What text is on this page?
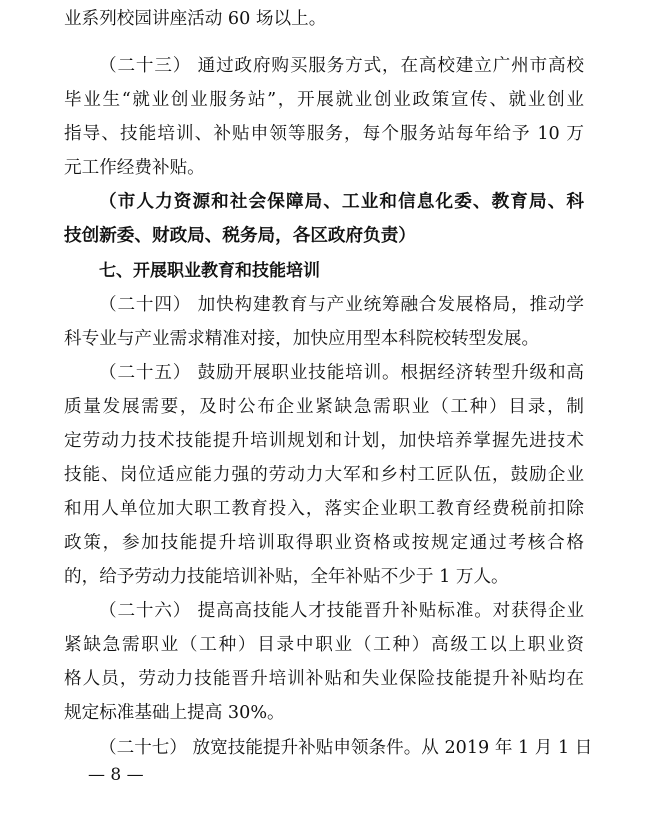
业系列校园讲座活动 60 场以上。
（二十三） 通过政府购买服务方式，在高校建立广州市高校
毕业生“就业创业服务站”，开展就业创业政策宣传、就业创业
指导、技能培训、补贴申领等服务，每个服务站每年给予 10 万
元工作经费补贴。
（市人力资源和社会保障局、工业和信息化委、教育局、科
技创新委、财政局、税务局，各区政府负责）
七、开展职业教育和技能培训
（二十四） 加快构建教育与产业统筹融合发展格局，推动学
科专业与产业需求精准对接，加快应用型本科院校转型发展。
（二十五） 鼓励开展职业技能培训。根据经济转型升级和高
质量发展需要，及时公布企业紧缺急需职业（工种）目录，制
定劳动力技术技能提升培训规划和计划，加快培养掌握先进技术
技能、岗位适应能力强的劳动力大军和乡村工匠队伍，鼓励企业
和用人单位加大职工教育投入，落实企业职工教育经费税前扣除
政策，参加技能提升培训取得职业资格或按规定通过考核合格
的，给予劳动力技能培训补贴，全年补贴不少于 1 万人。
（二十六） 提高高技能人才技能晋升补贴标准。对获得企业
紧缺急需职业（工种）目录中职业（工种）高级工以上职业资
格人员，劳动力技能晋升培训补贴和失业保险技能提升补贴均在
规定标准基础上提高 30%。
（二十七） 放宽技能提升补贴申领条件。从 2019 年 1 月 1 日
— 8 —
